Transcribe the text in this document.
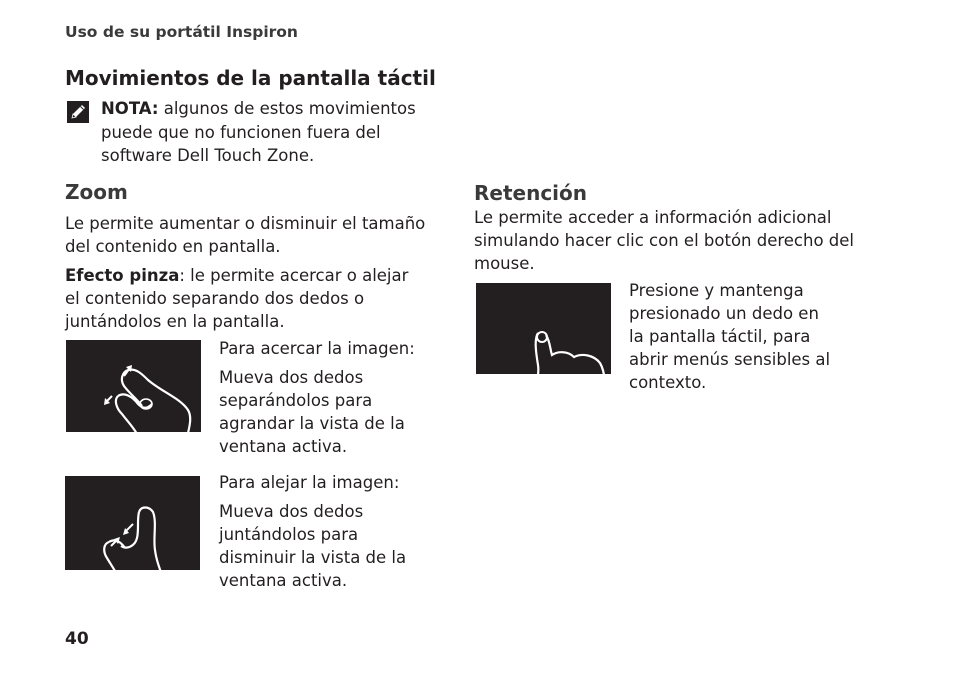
Uso de su portátil Inspiron
Movimientos de la pantalla táctil
NOTA: algunos de estos movimientos puede que no funcionen fuera del software Dell Touch Zone.
Zoom
Le permite aumentar o disminuir el tamaño del contenido en pantalla.
Efecto pinza: le permite acercar o alejar el contenido separando dos dedos o juntándolos en la pantalla.
Para acercar la imagen:
Mueva dos dedos separándolos para agrandar la vista de la ventana activa.
Para alejar la imagen:
Mueva dos dedos juntándolos para disminuir la vista de la ventana activa.
Retención
Le permite acceder a información adicional simulando hacer clic con el botón derecho del mouse.
Presione y mantenga presionado un dedo en la pantalla táctil, para abrir menús sensibles al contexto.
40
